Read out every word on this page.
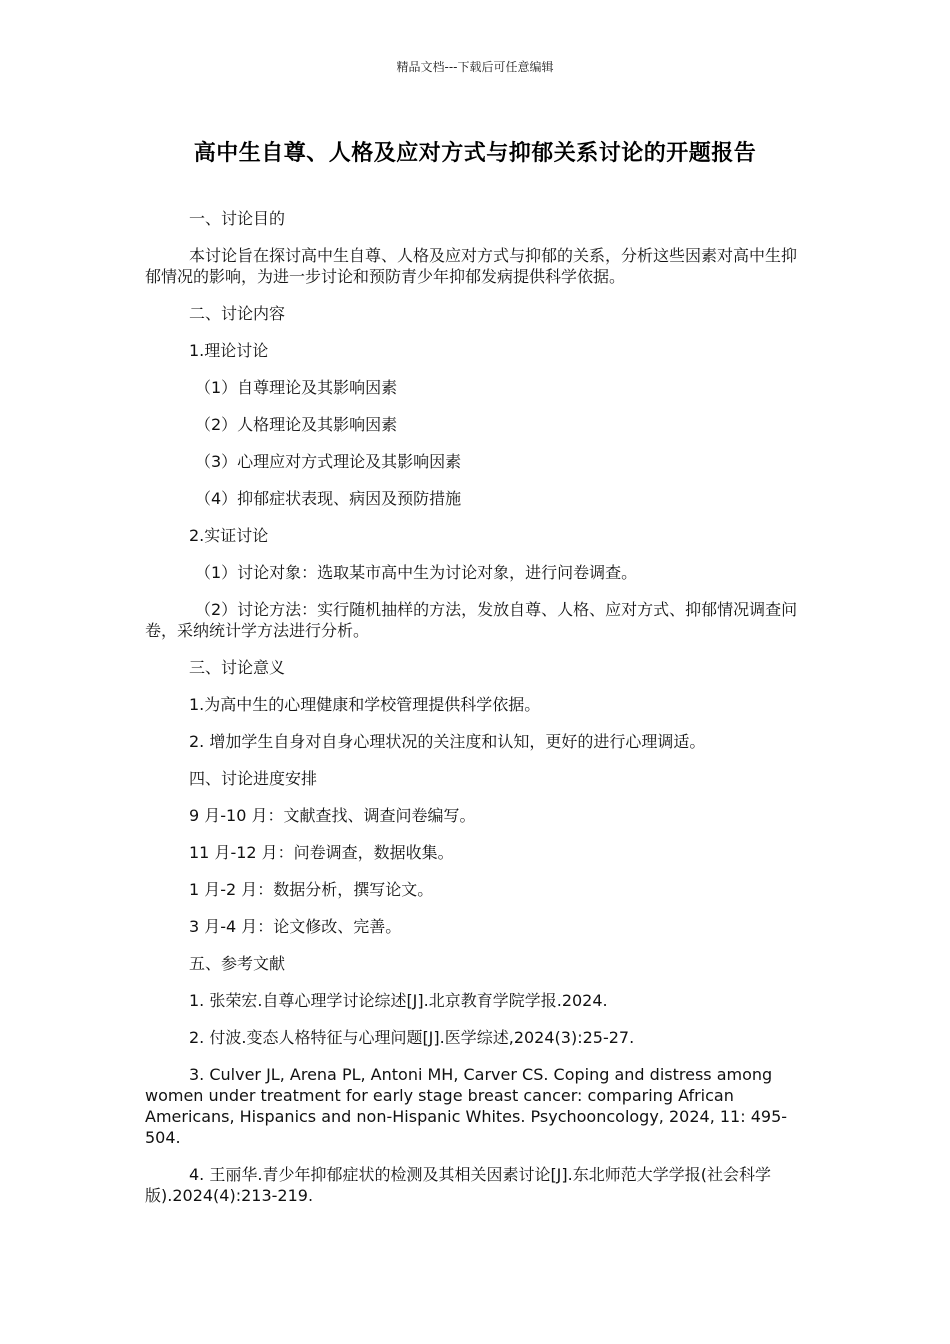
精品文档---下载后可任意编辑
高中生自尊、人格及应对方式与抑郁关系讨论的开题报告

一、讨论目的

本讨论旨在探讨高中生自尊、人格及应对方式与抑郁的关系，分析这些因素对高中生抑郁情况的影响，为进一步讨论和预防青少年抑郁发病提供科学依据。

二、讨论内容

1.理论讨论

（1）自尊理论及其影响因素

（2）人格理论及其影响因素

（3）心理应对方式理论及其影响因素

（4）抑郁症状表现、病因及预防措施

2.实证讨论

（1）讨论对象：选取某市高中生为讨论对象，进行问卷调查。

（2）讨论方法：实行随机抽样的方法，发放自尊、人格、应对方式、抑郁情况调查问卷，采纳统计学方法进行分析。

三、讨论意义

1.为高中生的心理健康和学校管理提供科学依据。

2. 增加学生自身对自身心理状况的关注度和认知，更好的进行心理调适。

四、讨论进度安排

9 月-10 月：文献查找、调查问卷编写。

11 月-12 月：问卷调查，数据收集。

1 月-2 月：数据分析，撰写论文。

3 月-4 月：论文修改、完善。

五、参考文献

1. 张荣宏.自尊心理学讨论综述[J].北京教育学院学报.2024.

2. 付波.变态人格特征与心理问题[J].医学综述,2024(3):25-27.

3. Culver JL, Arena PL, Antoni MH, Carver CS. Coping and distress among women under treatment for early stage breast cancer: comparing African Americans, Hispanics and non-Hispanic Whites. Psychooncology, 2024, 11: 495-504.

4. 王丽华.青少年抑郁症状的检测及其相关因素讨论[J].东北师范大学学报(社会科学版).2024(4):213-219.
